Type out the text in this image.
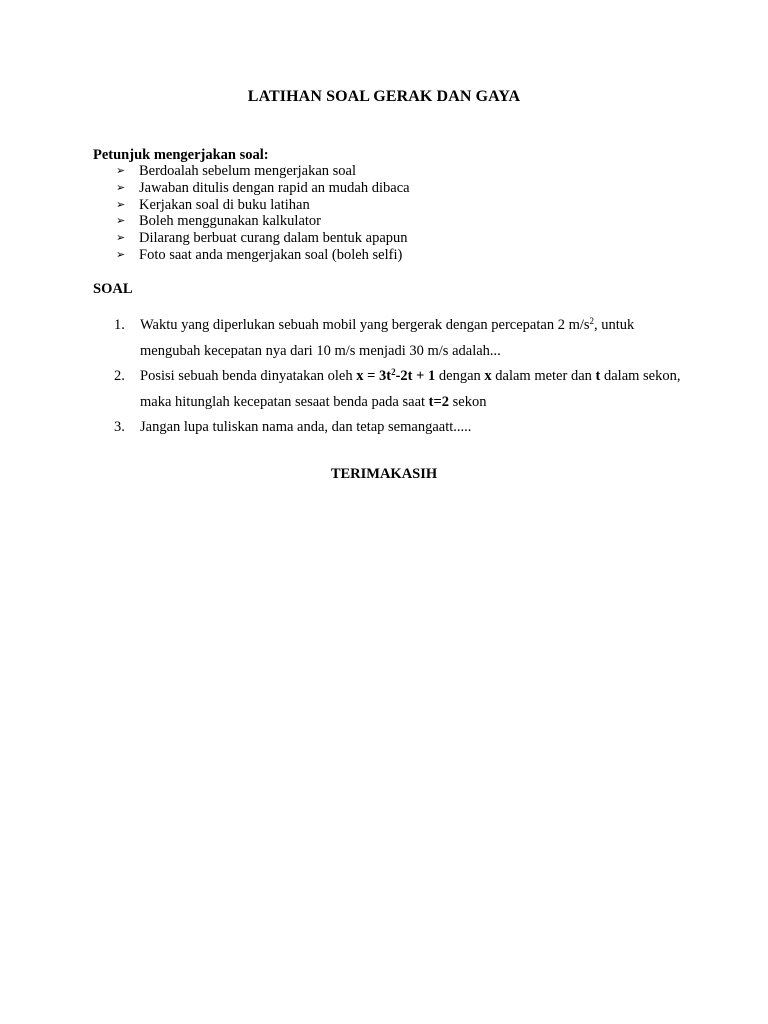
LATIHAN SOAL GERAK DAN GAYA
Petunjuk mengerjakan soal:
➢ Berdoalah sebelum mengerjakan soal
➢ Jawaban ditulis dengan rapid an mudah dibaca
➢ Kerjakan soal di buku latihan
➢ Boleh menggunakan kalkulator
➢ Dilarang berbuat curang dalam bentuk apapun
➢ Foto saat anda mengerjakan soal (boleh selfi)
SOAL
1.	Waktu yang diperlukan sebuah mobil yang bergerak dengan percepatan 2 $m/s^2$, untuk mengubah kecepatan nya dari 10 m/s menjadi 30 m/s adalah...
2.	Posisi sebuah benda dinyatakan oleh $x = 3t^2-2t + 1$ dengan x dalam meter dan t dalam sekon, maka hitunglah kecepatan sesaat benda pada saat t=2 sekon
3.	Jangan lupa tuliskan nama anda, dan tetap semangaatt.....
TERIMAKASIH
